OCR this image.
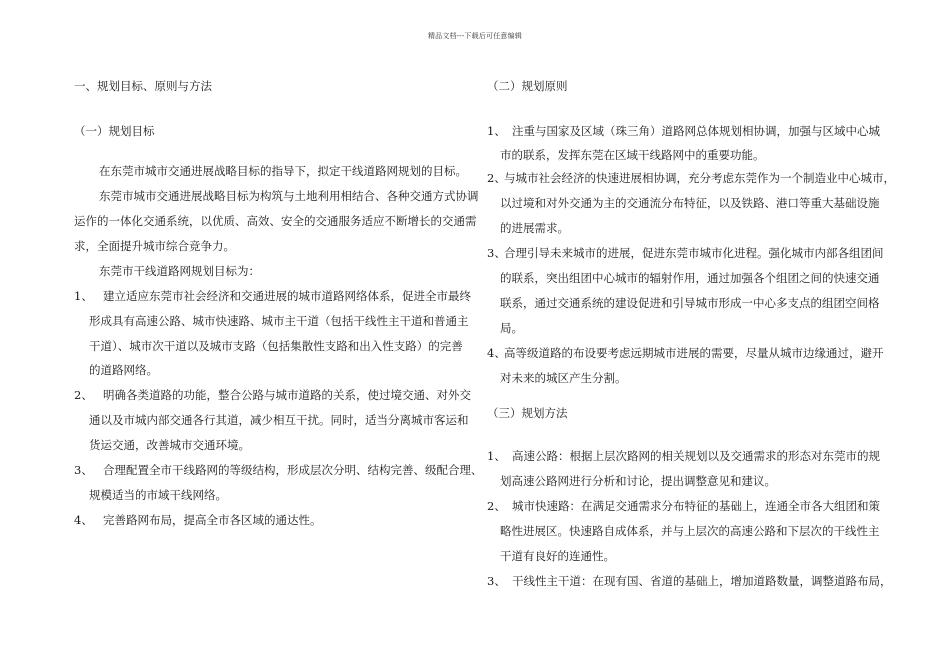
精品文档---下载后可任意编辑
一、规划目标、原则与方法
（一）规划目标
在东莞市城市交通进展战略目标的指导下，拟定干线道路网规划的目标。
东莞市城市交通进展战略目标为构筑与土地利用相结合、各种交通方式协调
运作的一体化交通系统，以优质、高效、安全的交通服务适应不断增长的交通需
求，全面提升城市综合竞争力。
东莞市干线道路网规划目标为：
1、 建立适应东莞市社会经济和交通进展的城市道路网络体系，促进全市最终
形成具有高速公路、城市快速路、城市主干道（包括干线性主干道和普通主
干道）、城市次干道以及城市支路（包括集散性支路和出入性支路）的完善
的道路网络。
2、 明确各类道路的功能，整合公路与城市道路的关系，使过境交通、对外交
通以及市城内部交通各行其道，减少相互干扰。同时，适当分离城市客运和
货运交通，改善城市交通环境。
3、 合理配置全市干线路网的等级结构，形成层次分明、结构完善、级配合理、
规模适当的市域干线网络。
4、 完善路网布局，提高全市各区域的通达性。
（二）规划原则
1、 注重与国家及区域（珠三角）道路网总体规划相协调，加强与区域中心城
市的联系，发挥东莞在区域干线路网中的重要功能。
2、
与城市社会经济的快速进展相协调，充分考虑东莞作为一个制造业中心城市，
以过境和对外交通为主的交通流分布特征，以及铁路、港口等重大基础设施
的进展需求。
3、
合理引导未来城市的进展，促进东莞市城市化进程。强化城市内部各组团间
的联系，突出组团中心城市的辐射作用，通过加强各个组团之间的快速交通
联系，通过交通系统的建设促进和引导城市形成一中心多支点的组团空间格
局。
4、
高等级道路的布设要考虑远期城市进展的需要，尽量从城市边缘通过，避开
对未来的城区产生分割。
（三）规划方法
1、 高速公路：根据上层次路网的相关规划以及交通需求的形态对东莞市的规
划高速公路网进行分析和讨论，提出调整意见和建议。
2、 城市快速路：在满足交通需求分布特征的基础上，连通全市各大组团和策
略性进展区。快速路自成体系，并与上层次的高速公路和下层次的干线性主
干道有良好的连通性。
3、 干线性主干道：在现有国、省道的基础上，增加道路数量，调整道路布局，
